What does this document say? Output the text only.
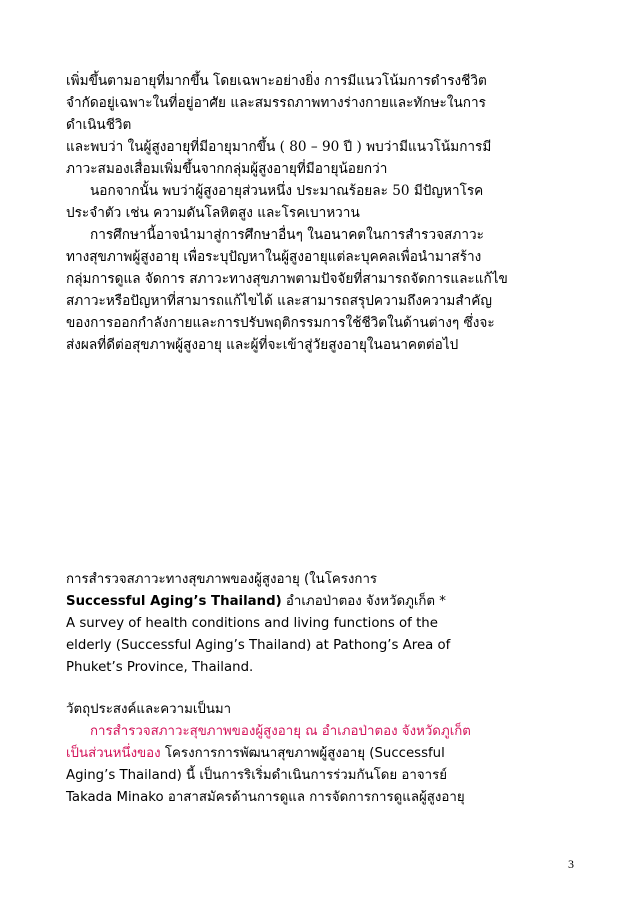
เพิ่มขึ้นตามอายุที่มากขึ้น โดยเฉพาะอย่างยิ่ง การมีแนวโน้มการดำรงชีวิต
จำกัดอยู่เฉพาะในที่อยู่อาศัย และสมรรถภาพทางร่างกายและทักษะในการ
ดำเนินชีวิต
และพบว่า ในผู้สูงอายุที่มีอายุมากขึ้น ( 80 – 90 ปี ) พบว่ามีแนวโน้มการมี
ภาวะสมองเสื่อมเพิ่มขึ้นจากกลุ่มผู้สูงอายุที่มีอายุน้อยกว่า
นอกจากนั้น พบว่าผู้สูงอายุส่วนหนึ่ง ประมาณร้อยละ 50 มีปัญหาโรค
ประจำตัว เช่น ความดันโลหิตสูง และโรคเบาหวาน
การศึกษานี้อาจนำมาสู่การศึกษาอื่นๆ ในอนาคตในการสำรวจสภาวะ
ทางสุขภาพผู้สูงอายุ เพื่อระบุปัญหาในผู้สูงอายุแต่ละบุคคลเพื่อนำมาสร้าง
กลุ่มการดูแล จัดการ สภาวะทางสุขภาพตามปัจจัยที่สามารถจัดการและแก้ไข
สภาวะหรือปัญหาที่สามารถแก้ไขได้ และสามารถสรุปความถึงความสำคัญ
ของการออกกำลังกายและการปรับพฤติกรรมการใช้ชีวิตในด้านต่างๆ ซึ่งจะ
ส่งผลที่ดีต่อสุขภาพผู้สูงอายุ และผู้ที่จะเข้าสู่วัยสูงอายุในอนาคตต่อไป
การสำรวจสภาวะทางสุขภาพของผู้สูงอายุ (ในโครงการ
Successful Aging’s Thailand) อำเภอป่าตอง จังหวัดภูเก็ต *
A survey of health conditions and living functions of the
elderly (Successful Aging’s Thailand) at Pathong’s Area of
Phuket’s Province, Thailand.
วัตถุประสงค์และความเป็นมา
การสำรวจสภาวะสุขภาพของผู้สูงอายุ ณ อำเภอป่าตอง จังหวัดภูเก็ต
เป็นส่วนหนึ่งของ โครงการการพัฒนาสุขภาพผู้สูงอายุ (Successful
Aging’s Thailand) นี้ เป็นการริเริ่มดำเนินการร่วมกันโดย อาจารย์
Takada Minako อาสาสมัครด้านการดูแล การจัดการการดูแลผู้สูงอายุ
3
